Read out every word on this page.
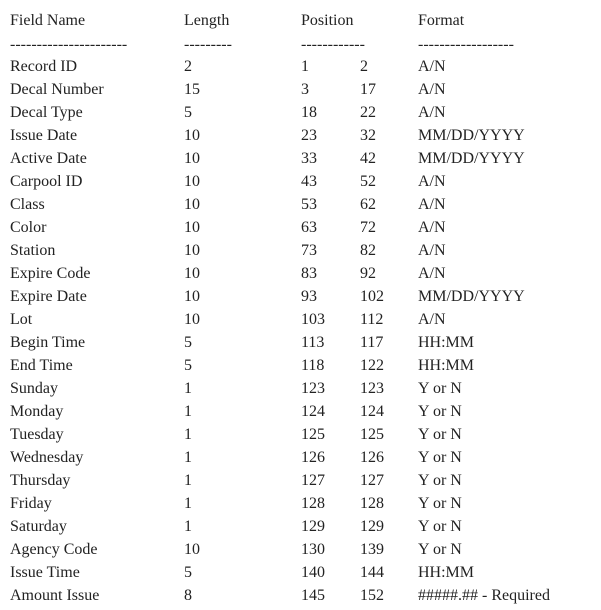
Field Name	Length	Position	Format
----------------------	---------	------------	------------------
Record ID	2	1	2	A/N
Decal Number	15	3	17	A/N
Decal Type	5	18	22	A/N
Issue Date	10	23	32	MM/DD/YYYY
Active Date	10	33	42	MM/DD/YYYY
Carpool ID	10	43	52	A/N
Class	10	53	62	A/N
Color	10	63	72	A/N
Station	10	73	82	A/N
Expire Code	10	83	92	A/N
Expire Date	10	93	102 MM/DD/YYYY
Lot	10	103 112 A/N
Begin Time	5	113 117 HH:MM
End Time	5	118 122 HH:MM
Sunday	1	123 123 Y or N
Monday	1	124 124 Y or N
Tuesday	1	125 125 Y or N
Wednesday	1	126 126 Y or N
Thursday	1	127 127 Y or N
Friday	1	128 128 Y or N
Saturday	1	129 129 Y or N
Agency Code	10	130 139 Y or N
Issue Time	5	140 144 HH:MM
Amount Issue	8	145 152 #####.## - Required
